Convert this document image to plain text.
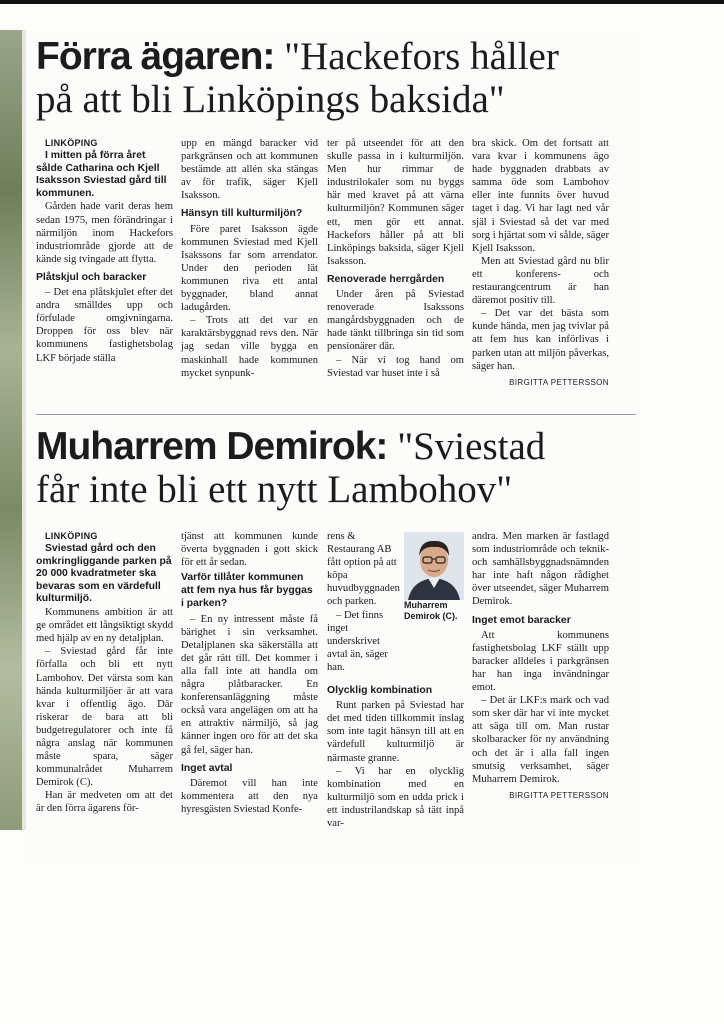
Förra ägaren: "Hackefors håller
på att bli Linköpings baksida"

LINKÖPING

I mitten på förra året sålde Catharina och Kjell Isaksson Sviestad gård till kommunen.

Gården hade varit deras hem sedan 1975, men förändringar i närmiljön inom Hackefors industriområde gjorde att de kände sig tvingade att flytta.

Plåtskjul och baracker

– Det ena plåtskjulet efter det andra smälldes upp och förfulade omgivningarna. Droppen för oss blev när kommunens fastighetsbolag LKF började ställa

upp en mängd baracker vid parkgränsen och att kommunen bestämde att allén ska stängas av för trafik, säger Kjell Isaksson.

Hänsyn till kulturmiljön?

Före paret Isaksson ägde kommunen Sviestad med Kjell Isakssons far som arrendator. Under den perioden lät kommunen riva ett antal byggnader, bland annat ladugården.

– Trots att det var en karaktärsbyggnad revs den. När jag sedan ville bygga en maskinhall hade kommunen mycket synpunk-

ter på utseendet för att den skulle passa in i kulturmiljön. Men hur rimmar de industrilokaler som nu byggs här med kravet på att värna kulturmiljön? Kommunen säger ett, men gör ett annat. Hackefors håller på att bli Linköpings baksida, säger Kjell Isaksson.

Renoverade herrgården

Under åren på Sviestad renoverade Isakssons mangårdsbyggnaden och de hade tänkt tillbringa sin tid som pensionärer där.

– När vi tog hand om Sviestad var huset inte i så

bra skick. Om det fortsatt att vara kvar i kommunens ägo hade byggnaden drabbats av samma öde som Lambohov eller inte funnits över huvud taget i dag. Vi har lagt ned vår själ i Sviestad så det var med sorg i hjärtat som vi sålde, säger Kjell Isaksson.

Men att Sviestad gård nu blir ett konferens- och restaurangcentrum är han däremot positiv till.

– Det var det bästa som kunde hända, men jag tvivlar på att fem hus kan införlivas i parken utan att miljön påverkas, säger han.

BIRGITTA PETTERSSON
Muharrem Demirok: "Sviestad
får inte bli ett nytt Lambohov"

LINKÖPING

Sviestad gård och den omkringliggande parken på 20 000 kvadratmeter ska bevaras som en värdefull kulturmiljö.

Kommunens ambition är att ge området ett långsiktigt skydd med hjälp av en ny detaljplan.

– Sviestad gård får inte förfalla och bli ett nytt Lambohov. Det värsta som kan hända kulturmiljöer är att vara kvar i offentlig ägo. Där riskerar de bara att bli budgetregulatorer och inte få några anslag när kommunen måste spara, säger kommunalrådet Muharrem Demirok (C).

Han är medveten om att det är den förra ägarens för-

tjänst att kommunen kunde överta byggnaden i gott skick för ett år sedan.

Varför tillåter kommunen att fem nya hus får byggas i parken?

– En ny intressent måste få bärighet i sin verksamhet. Detaljplanen ska säkerställa att det går rätt till. Det kommer i alla fall inte att handla om några plåtbaracker. En konferensanläggning måste också vara angelägen om att ha en attraktiv närmiljö, så jag känner ingen oro för att det ska gå fel, säger han.

Inget avtal

Däremot vill han inte kommentera att den nya hyresgästen Sviestad Konfe-

rens & Restaurang AB fått option på att köpa huvudbyggnaden och parken.

– Det finns inget underskrivet avtal än, säger han.

Muharrem Demirok (C).
Olycklig kombination

Runt parken på Sviestad har det med tiden tillkommit inslag som inte tagit hänsyn till att en värdefull kulturmiljö är närmaste granne.

– Vi har en olycklig kombination med en kulturmiljö som en udda prick i ett industrilandskap så tätt inpå var-

andra. Men marken är fastlagd som industriområde och teknik- och samhällsbyggnadsnämnden har inte haft någon rådighet över utseendet, säger Muharrem Demirok.

Inget emot baracker

Att kommunens fastighetsbolag LKF ställt upp baracker alldeles i parkgränsen har han inga invändningar emot.

– Det är LKF:s mark och vad som sker där har vi inte mycket att säga till om. Man rustar skolbaracker för ny användning och det är i alla fall ingen smutsig verksamhet, säger Muharrem Demirok.

BIRGITTA PETTERSSON
